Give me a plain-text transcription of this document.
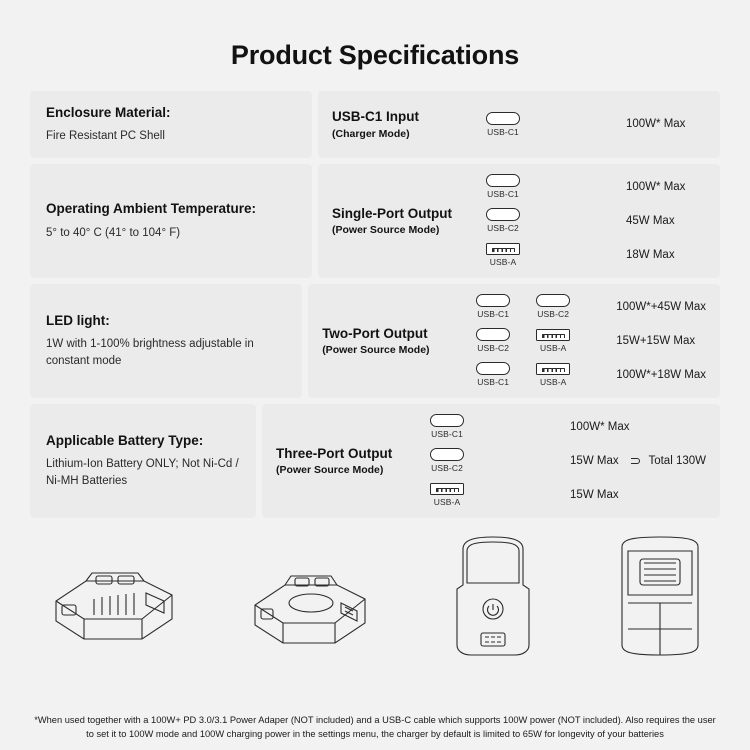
Product Specifications
Enclosure Material:
Fire Resistant PC Shell
USB-C1 Input
(Charger Mode)	USB-C1
100W* Max
Operating Ambient Temperature:
5° to 40° C (41° to 104° F)
Single-Port Output
(Power Source Mode)
USB-C1
100W* Max
USB-C2
45W Max
USB-A
18W Max
LED light:
1W with 1-100% brightness adjustable in constant mode
Two-Port Output
(Power Source Mode)
USB-C1	USB-C2
100W*+45W Max
USB-C2	USB-A
15W+15W Max
USB-C1	USB-A
100W*+18W Max
Applicable Battery Type:
Lithium-Ion Battery ONLY; Not Ni-Cd / Ni-MH Batteries
Three-Port Output
(Power Source Mode)
USB-C1
100W* Max
USB-C2
15W Max
USB-A
15W Max
Total 130W
*When used together with a 100W+ PD 3.0/3.1 Power Adaper (NOT included) and a USB-C cable which supports 100W power (NOT included). Also requires the user to set it to 100W mode and 100W charging power in the settings menu, the charger by default is limited to 65W for longevity of your batteries
